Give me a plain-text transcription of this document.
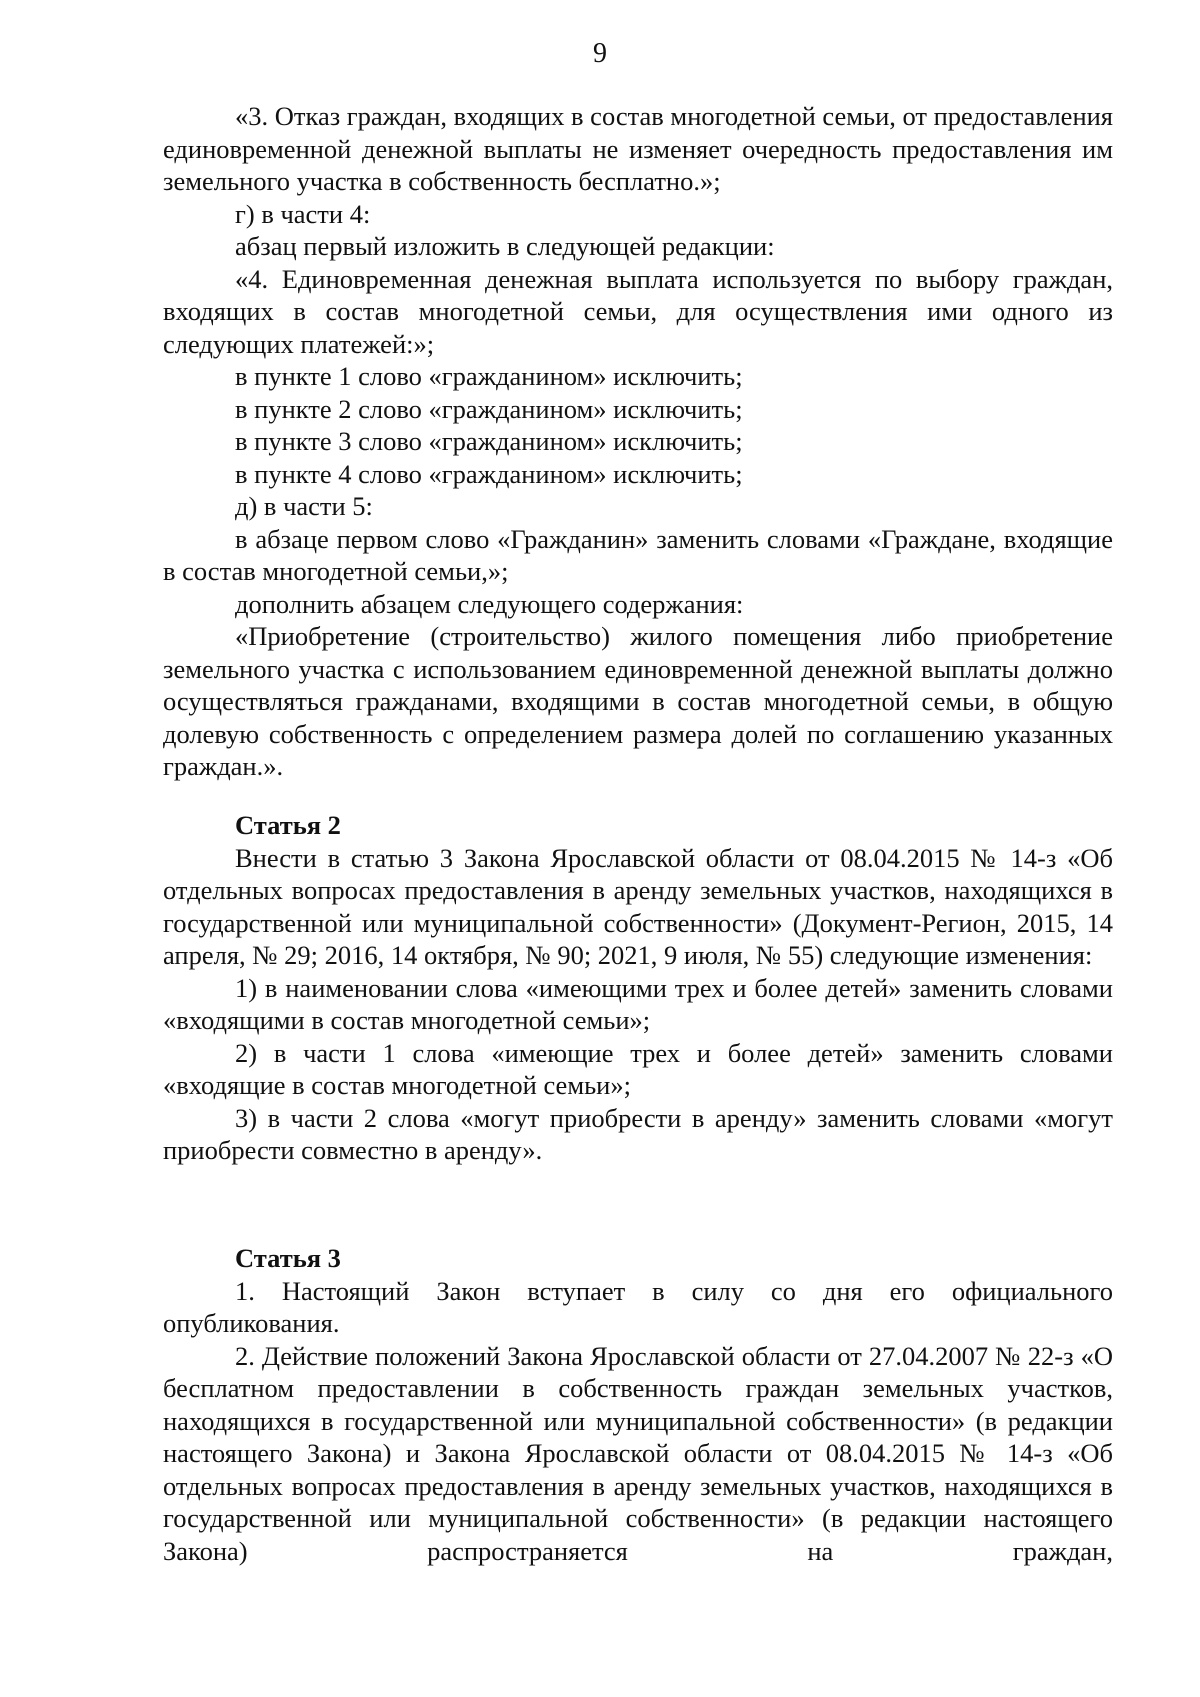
9

«3. Отказ граждан, входящих в состав многодетной семьи, от предоставления единовременной денежной выплаты не изменяет очередность предоставления им земельного участка в собственность бесплатно.»;

г) в части 4:

абзац первый изложить в следующей редакции:

«4. Единовременная денежная выплата используется по выбору граждан, входящих в состав многодетной семьи, для осуществления ими одного из следующих платежей:»;

в пункте 1 слово «гражданином» исключить;

в пункте 2 слово «гражданином» исключить;

в пункте 3 слово «гражданином» исключить;

в пункте 4 слово «гражданином» исключить;

д) в части 5:

в абзаце первом слово «Гражданин» заменить словами «Граждане, входящие в состав многодетной семьи,»;

дополнить абзацем следующего содержания:

«Приобретение (строительство) жилого помещения либо приобретение земельного участка с использованием единовременной денежной выплаты должно осуществляться гражданами, входящими в состав многодетной семьи, в общую долевую собственность с определением размера долей по соглашению указанных граждан.».

Статья 2

Внести в статью 3 Закона Ярославской области от 08.04.2015 № 14-з «Об отдельных вопросах предоставления в аренду земельных участков, находящихся в государственной или муниципальной собственности» (Документ-Регион, 2015, 14 апреля, № 29; 2016, 14 октября, № 90; 2021, 9 июля, № 55) следующие изменения:

1) в наименовании слова «имеющими трех и более детей» заменить словами «входящими в состав многодетной семьи»;

2) в части 1 слова «имеющие трех и более детей» заменить словами «входящие в состав многодетной семьи»;

3) в части 2 слова «могут приобрести в аренду» заменить словами «могут приобрести совместно в аренду».

Статья 3

1. Настоящий Закон вступает в силу со дня его официального опубликования.

2. Действие положений Закона Ярославской области от 27.04.2007 № 22-з «О бесплатном предоставлении в собственность граждан земельных участков, находящихся в государственной или муниципальной собственности» (в редакции настоящего Закона) и Закона Ярославской области от 08.04.2015 № 14-з «Об отдельных вопросах предоставления в аренду земельных участков, находящихся в государственной или муниципальной собственности» (в редакции настоящего Закона) распространяется на граждан,
